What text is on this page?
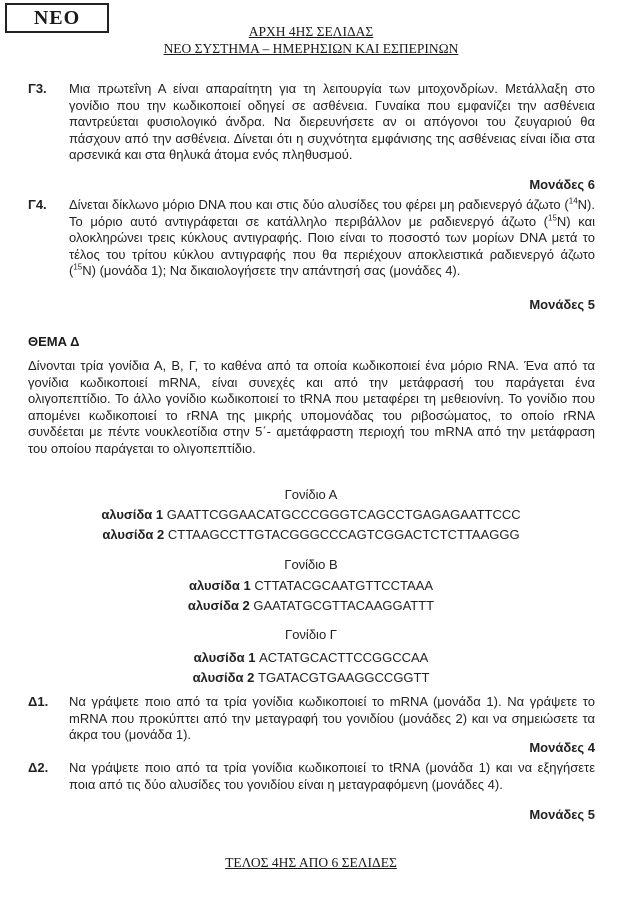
ΝΕΟ
ΑΡΧΗ 4ΗΣ ΣΕΛΙΔΑΣ
ΝΕΟ ΣΥΣΤΗΜΑ – ΗΜΕΡΗΣΙΩΝ ΚΑΙ ΕΣΠΕΡΙΝΩΝ
Γ3. Μια πρωτεΐνη Α είναι απαραίτητη για τη λειτουργία των μιτοχονδρίων. Μετάλλαξη στο γονίδιο που την κωδικοποιεί οδηγεί σε ασθένεια. Γυναίκα που εμφανίζει την ασθένεια παντρεύεται φυσιολογικό άνδρα. Να διερευνήσετε αν οι απόγονοι του ζευγαριού θα πάσχουν από την ασθένεια. Δίνεται ότι η συχνότητα εμφάνισης της ασθένειας είναι ίδια στα αρσενικά και στα θηλυκά άτομα ενός πληθυσμού.
Μονάδες 6
Γ4. Δίνεται δίκλωνο μόριο DNA που και στις δύο αλυσίδες του φέρει μη ραδιενεργό άζωτο ($^{14}$N). Το μόριο αυτό αντιγράφεται σε κατάλληλο περιβάλλον με ραδιενεργό άζωτο ($^{15}$N) και ολοκληρώνει τρεις κύκλους αντιγραφής. Ποιο είναι το ποσοστό των μορίων DNA μετά το τέλος του τρίτου κύκλου αντιγραφής που θα περιέχουν αποκλειστικά ραδιενεργό άζωτο ($^{15}$N) (μονάδα 1); Να δικαιολογήσετε την απάντησή σας (μονάδες 4).
Μονάδες 5
ΘΕΜΑ Δ
Δίνονται τρία γονίδια Α, Β, Γ, το καθένα από τα οποία κωδικοποιεί ένα μόριο RNA. Ένα από τα γονίδια κωδικοποιεί mRNA, είναι συνεχές και από την μετάφρασή του παράγεται ένα ολιγοπεπτίδιο. Το άλλο γονίδιο κωδικοποιεί το tRNA που μεταφέρει τη μεθειονίνη. Το γονίδιο που απομένει κωδικοποιεί το rRNA της μικρής υπομονάδας του ριβοσώματος, το οποίο rRNA συνδέεται με πέντε νουκλεοτίδια στην 5΄- αμετάφραστη περιοχή του mRNA από την μετάφραση του οποίου παράγεται το ολιγοπεπτίδιο.
Γονίδιο Α
αλυσίδα 1 GAATTCGGAACATGCCCGGGTCAGCCTGAGAGAATTCCC
αλυσίδα 2 CTTAAGCCTTGTACGGGCCCAGTCGGACTCTCTTAAGGG
Γονίδιο Β
αλυσίδα 1 CTTATACGCAATGTTCCTAAA
αλυσίδα 2 GAATATGCGTTACAAGGATTT
Γονίδιο Γ
αλυσίδα 1 ACTATGCACTTCCGGCCAA
αλυσίδα 2 TGATACGTGAAGGCCGGTT
Δ1. Να γράψετε ποιο από τα τρία γονίδια κωδικοποιεί το mRNA (μονάδα 1). Να γράψετε το mRNA που προκύπτει από την μεταγραφή του γονιδίου (μονάδες 2) και να σημειώσετε τα άκρα του (μονάδα 1).
Μονάδες 4
Δ2. Να γράψετε ποιο από τα τρία γονίδια κωδικοποιεί το tRNA (μονάδα 1) και να εξηγήσετε ποια από τις δύο αλυσίδες του γονιδίου είναι η μεταγραφόμενη (μονάδες 4).
Μονάδες 5
ΤΕΛΟΣ 4ΗΣ ΑΠΟ 6 ΣΕΛΙΔΕΣ
